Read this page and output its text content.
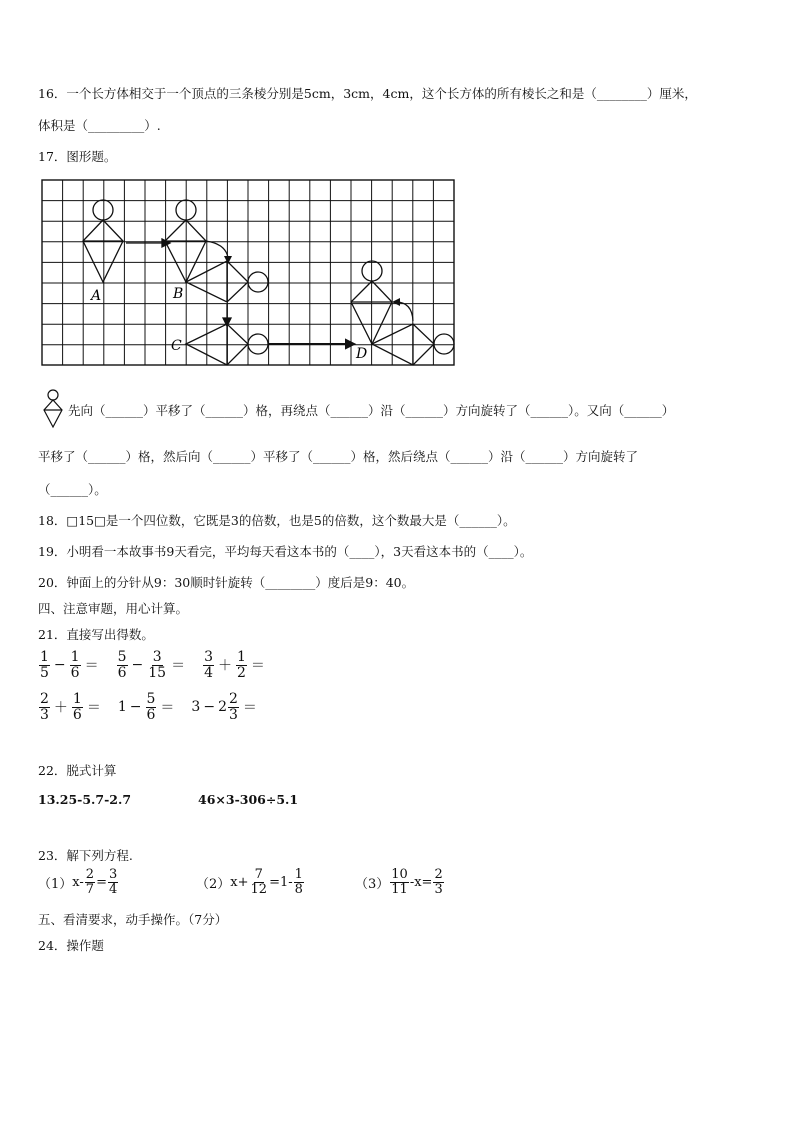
16．一个长方体相交于一个顶点的三条棱分别是5cm，3cm，4cm，这个长方体的所有棱长之和是（________）厘米，
体积是（_________）.
17．图形题。
A	B
C	D
先向（______）平移了（______）格，再绕点（______）沿（______）方向旋转了（______）。又向（______）
平移了（______）格，然后向（______）平移了（______）格，然后绕点（______）沿（______）方向旋转了
（______）。
18．□15□是一个四位数，它既是3的倍数，也是5的倍数，这个数最大是（______）。
19．小明看一本故事书9天看完，平均每天看这本书的（____），3天看这本书的（____）。
20．钟面上的分针从9：30顺时针旋转（________）度后是9：40。
四、注意审题，用心计算。
21．直接写出得数。
$\frac{1}{5} - \frac{1}{6} = \frac{5}{6} - \frac{3}{15} = \frac{3}{4} + \frac{1}{2}$ ＝
$\frac{2}{3} + \frac{1}{6} = 1 - \frac{5}{6} = 3 - 2 \frac{2}{3}$ ＝
22．脱式计算
13.25-5.7-2.7	46×3-306÷5.1
23．解下列方程.
（1） $x- \frac{2}{7} = \frac{3}{4}$	（2） $x+ \frac{7}{12} =1- \frac{1}{8}$	$(3) \frac{10}{11} -x= \frac{2}{3}$
五、看清要求，动手操作。（7分）
24．操作题
